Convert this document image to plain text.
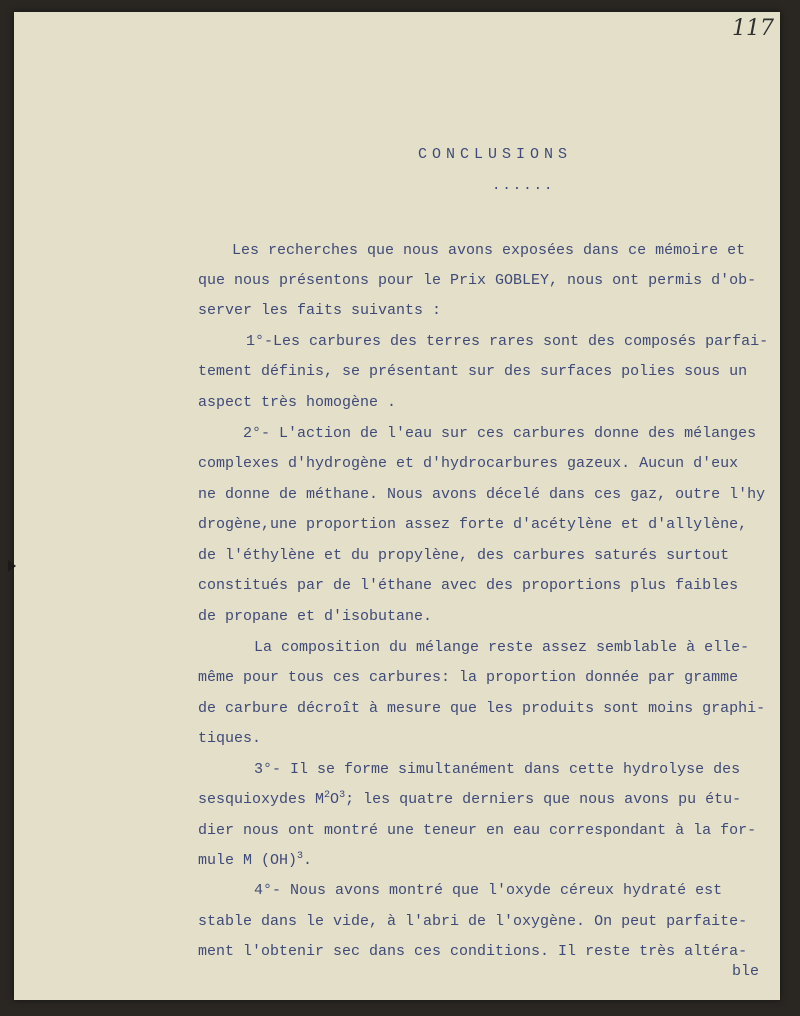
117
CONCLUSIONS
......
Les recherches que nous avons exposées dans ce mémoire et
que nous présentons pour le Prix GOBLEY, nous ont permis d'ob-
server les faits suivants :
1°-Les carbures des terres rares sont des composés parfai-
tement définis, se présentant sur des surfaces polies sous un
aspect très homogène .
2°- L'action de l'eau sur ces carbures donne des mélanges
complexes d'hydrogène et d'hydrocarbures gazeux. Aucun d'eux
ne donne de méthane. Nous avons décelé dans ces gaz, outre l'hy
drogène,une proportion assez forte d'acétylène et d'allylène,
de l'éthylène et du propylène, des carbures saturés surtout
constitués par de l'éthane avec des proportions plus faibles
de propane et d'isobutane.
La composition du mélange reste assez semblable à elle-
même pour tous ces carbures: la proportion donnée par gramme
de carbure décroît à mesure que les produits sont moins graphi-
tiques.
3°- Il se forme simultanément dans cette hydrolyse des
sesquioxydes $M^2O^3$; les quatre derniers que nous avons pu étu-
dier nous ont montré une teneur en eau correspondant à la for-
mule M (OH)$^3$.
4°- Nous avons montré que l'oxyde céreux hydraté est
stable dans le vide, à l'abri de l'oxygène. On peut parfaite-
ment l'obtenir sec dans ces conditions. Il reste très altéra-
ble
